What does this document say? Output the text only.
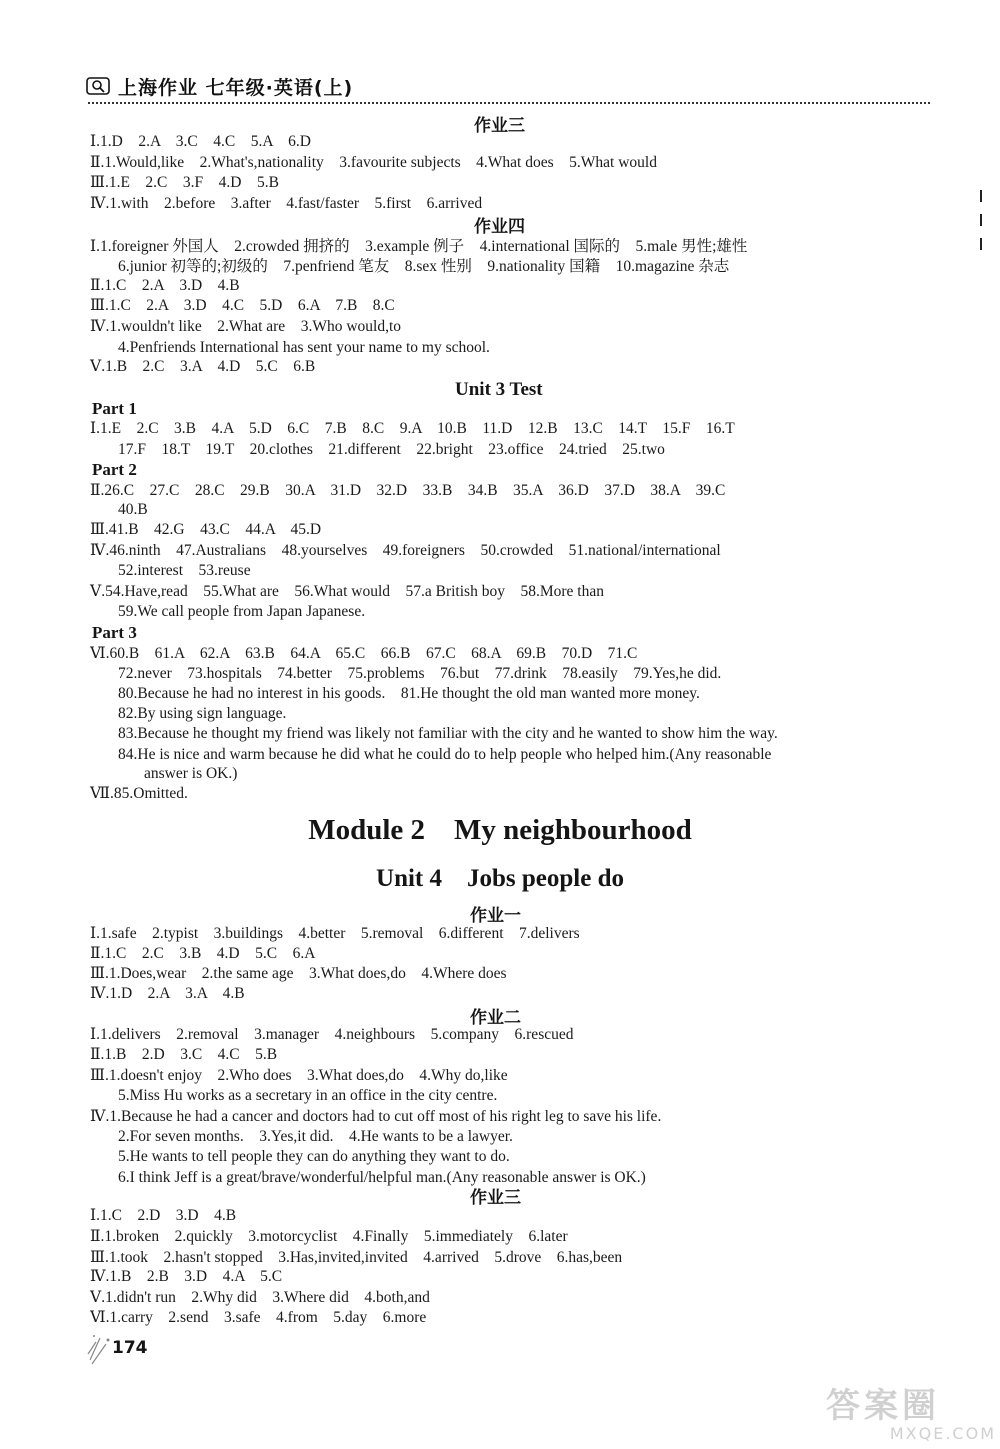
上海作业 七年级·英语(上)
作业三
Ⅰ.1.D　2.A　3.C　4.C　5.A　6.D
Ⅱ.1.Would,like　2.What's,nationality　3.favourite subjects　4.What does　5.What would
Ⅲ.1.E　2.C　3.F　4.D　5.B
Ⅳ.1.with　2.before　3.after　4.fast/faster　5.first　6.arrived
作业四
Ⅰ.1.foreigner 外国人　2.crowded 拥挤的　3.example 例子　4.international 国际的　5.male 男性;雄性
6.junior 初等的;初级的　7.penfriend 笔友　8.sex 性别　9.nationality 国籍　10.magazine 杂志
Ⅱ.1.C　2.A　3.D　4.B
Ⅲ.1.C　2.A　3.D　4.C　5.D　6.A　7.B　8.C
Ⅳ.1.wouldn't like　2.What are　3.Who would,to
4.Penfriends International has sent your name to my school.
Ⅴ.1.B　2.C　3.A　4.D　5.C　6.B
Unit 3 Test
Part 1
Ⅰ.1.E　2.C　3.B　4.A　5.D　6.C　7.B　8.C　9.A　10.B　11.D　12.B　13.C　14.T　15.F　16.T
17.F　18.T　19.T　20.clothes　21.different　22.bright　23.office　24.tried　25.two
Part 2
Ⅱ.26.C　27.C　28.C　29.B　30.A　31.D　32.D　33.B　34.B　35.A　36.D　37.D　38.A　39.C
40.B
Ⅲ.41.B　42.G　43.C　44.A　45.D
Ⅳ.46.ninth　47.Australians　48.yourselves　49.foreigners　50.crowded　51.national/international
52.interest　53.reuse
Ⅴ.54.Have,read　55.What are　56.What would　57.a British boy　58.More than
59.We call people from Japan Japanese.
Part 3
Ⅵ.60.B　61.A　62.A　63.B　64.A　65.C　66.B　67.C　68.A　69.B　70.D　71.C
72.never　73.hospitals　74.better　75.problems　76.but　77.drink　78.easily　79.Yes,he did.
80.Because he had no interest in his goods.　81.He thought the old man wanted more money.
82.By using sign language.
83.Because he thought my friend was likely not familiar with the city and he wanted to show him the way.
84.He is nice and warm because he did what he could do to help people who helped him.(Any reasonable
answer is OK.)
Ⅶ.85.Omitted.
Module 2　My neighbourhood
Unit 4　Jobs people do
作业一
Ⅰ.1.safe　2.typist　3.buildings　4.better　5.removal　6.different　7.delivers
Ⅱ.1.C　2.C　3.B　4.D　5.C　6.A
Ⅲ.1.Does,wear　2.the same age　3.What does,do　4.Where does
Ⅳ.1.D　2.A　3.A　4.B
作业二
Ⅰ.1.delivers　2.removal　3.manager　4.neighbours　5.company　6.rescued
Ⅱ.1.B　2.D　3.C　4.C　5.B
Ⅲ.1.doesn't enjoy　2.Who does　3.What does,do　4.Why do,like
5.Miss Hu works as a secretary in an office in the city centre.
Ⅳ.1.Because he had a cancer and doctors had to cut off most of his right leg to save his life.
2.For seven months.　3.Yes,it did.　4.He wants to be a lawyer.
5.He wants to tell people they can do anything they want to do.
6.I think Jeff is a great/brave/wonderful/helpful man.(Any reasonable answer is OK.)
作业三
Ⅰ.1.C　2.D　3.D　4.B
Ⅱ.1.broken　2.quickly　3.motorcyclist　4.Finally　5.immediately　6.later
Ⅲ.1.took　2.hasn't stopped　3.Has,invited,invited　4.arrived　5.drove　6.has,been
Ⅳ.1.B　2.B　3.D　4.A　5.C
Ⅴ.1.didn't run　2.Why did　3.Where did　4.both,and
Ⅵ.1.carry　2.send　3.safe　4.from　5.day　6.more
174
答案圈
MXQE.COM
